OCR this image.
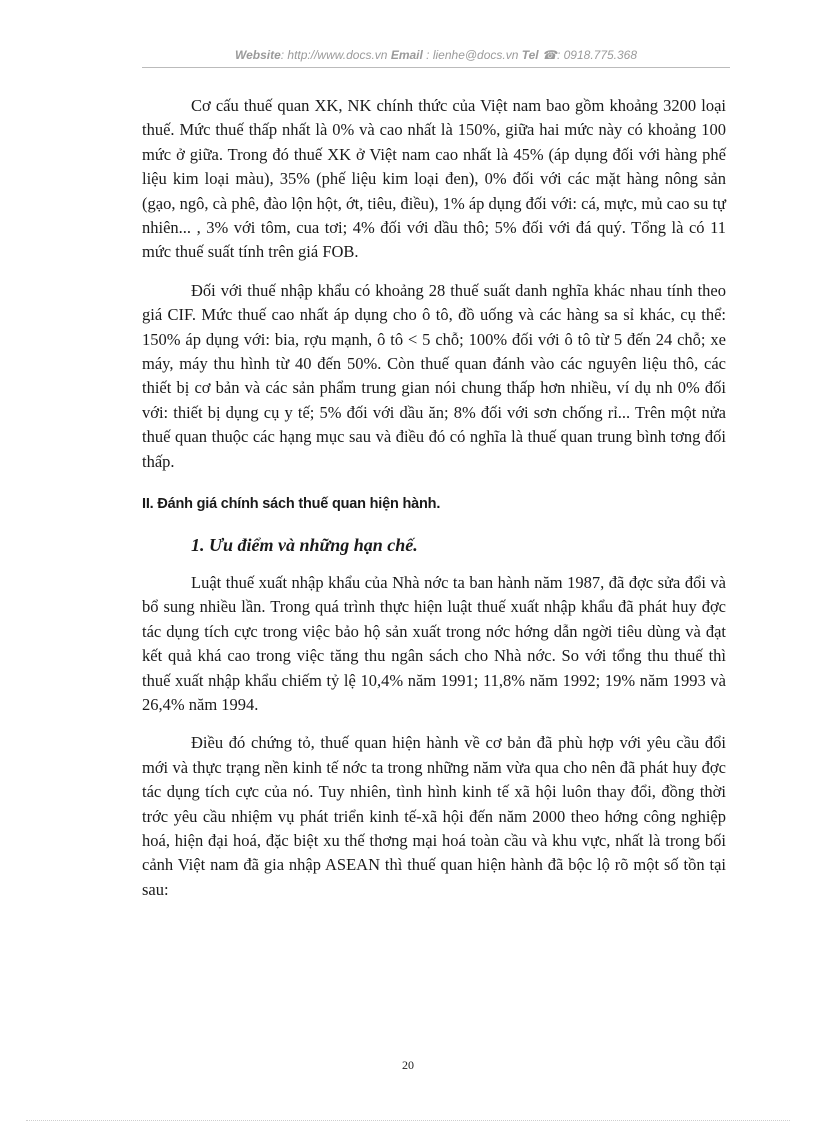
Website: http://www.docs.vn Email : lienhe@docs.vn Tel ☎: 0918.775.368

Cơ cấu thuế quan XK, NK chính thức của Việt nam bao gồm khoảng 3200 loại thuế. Mức thuế thấp nhất là 0% và cao nhất là 150%, giữa hai mức này có khoảng 100 mức ở giữa. Trong đó thuế XK ở Việt nam cao nhất là 45% (áp dụng đối với hàng phế liệu kim loại màu), 35% (phế liệu kim loại đen), 0% đối với các mặt hàng nông sản (gạo, ngô, cà phê, đào lộn hột, ớt, tiêu, điều), 1% áp dụng đối với: cá, mực, mủ cao su tự nhiên... , 3% với tôm, cua tơi; 4% đối với dầu thô; 5% đối với đá quý. Tổng là có 11 mức thuế suất tính trên giá FOB.

Đối với thuế nhập khẩu có khoảng 28 thuế suất danh nghĩa khác nhau tính theo giá CIF. Mức thuế cao nhất áp dụng cho ô tô, đồ uống và các hàng sa sỉ khác, cụ thể: 150% áp dụng với: bia, rợu mạnh, ô tô < 5 chỗ; 100% đối với ô tô từ 5 đến 24 chỗ; xe máy, máy thu hình từ 40 đến 50%. Còn thuế quan đánh vào các nguyên liệu thô, các thiết bị cơ bản và các sản phẩm trung gian nói chung thấp hơn nhiều, ví dụ nh 0% đối với: thiết bị dụng cụ y tế; 5% đối với dầu ăn; 8% đối với sơn chống rỉ... Trên một nửa thuế quan thuộc các hạng mục sau và điều đó có nghĩa là thuế quan trung bình tơng đối thấp.

II. Đánh giá chính sách thuế quan hiện hành.
1. Ưu điểm và những hạn chế.

Luật thuế xuất nhập khẩu của Nhà nớc ta ban hành năm 1987, đã đợc sửa đổi và bổ sung nhiều lần. Trong quá trình thực hiện luật thuế xuất nhập khẩu đã phát huy đợc tác dụng tích cực trong việc bảo hộ sản xuất trong nớc hớng dẫn ngời tiêu dùng và đạt kết quả khá cao trong việc tăng thu ngân sách cho Nhà nớc. So với tổng thu thuế thì thuế xuất nhập khẩu chiếm tỷ lệ 10,4% năm 1991; 11,8% năm 1992; 19% năm 1993 và 26,4% năm 1994.

Điều đó chứng tỏ, thuế quan hiện hành về cơ bản đã phù hợp với yêu cầu đổi mới và thực trạng nền kinh tế nớc ta trong những năm vừa qua cho nên đã phát huy đợc tác dụng tích cực của nó. Tuy nhiên, tình hình kinh tế xã hội luôn thay đổi, đồng thời trớc yêu cầu nhiệm vụ phát triển kinh tế-xã hội đến năm 2000 theo hớng công nghiệp hoá, hiện đại hoá, đặc biệt xu thế thơng mại hoá toàn cầu và khu vực, nhất là trong bối cảnh Việt nam đã gia nhập ASEAN thì thuế quan hiện hành đã bộc lộ rõ một số tồn tại sau:

20
